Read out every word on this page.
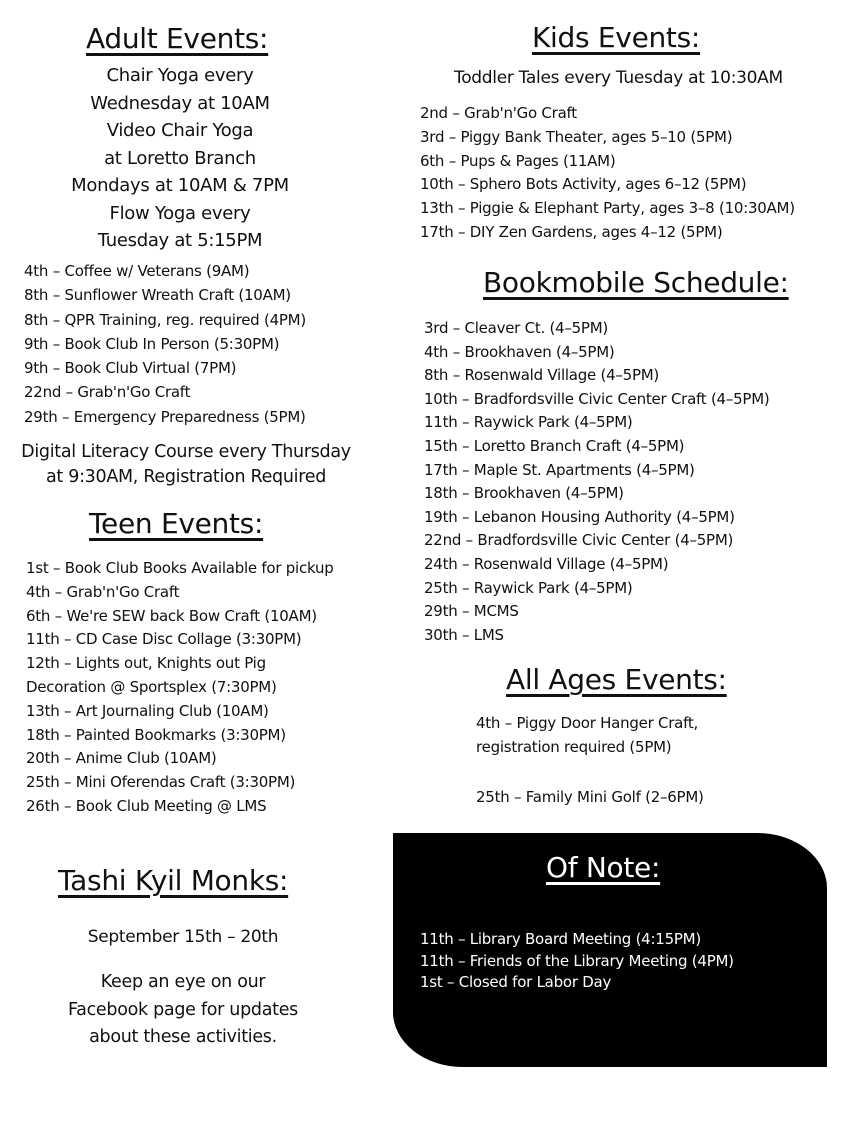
Adult Events:
Chair Yoga every
Wednesday at 10AM
Video Chair Yoga
at Loretto Branch
Mondays at 10AM & 7PM
Flow Yoga every
Tuesday at 5:15PM
4th – Coffee w/ Veterans (9AM)
8th – Sunflower Wreath Craft (10AM)
8th – QPR Training, reg. required (4PM)
9th – Book Club In Person (5:30PM)
9th – Book Club Virtual (7PM)
22nd – Grab'n'Go Craft
29th – Emergency Preparedness (5PM)
Digital Literacy Course every Thursday
at 9:30AM, Registration Required
Teen Events:
1st – Book Club Books Available for pickup
4th – Grab'n'Go Craft
6th – We're SEW back Bow Craft (10AM)
11th – CD Case Disc Collage (3:30PM)
12th – Lights out, Knights out Pig
Decoration @ Sportsplex (7:30PM)
13th – Art Journaling Club (10AM)
18th – Painted Bookmarks (3:30PM)
20th – Anime Club (10AM)
25th – Mini Oferendas Craft (3:30PM)
26th – Book Club Meeting @ LMS
Tashi Kyil Monks:
September 15th – 20th
Keep an eye on our
Facebook page for updates
about these activities.
Kids Events:
Toddler Tales every Tuesday at 10:30AM
2nd – Grab'n'Go Craft
3rd – Piggy Bank Theater, ages 5–10 (5PM)
6th – Pups & Pages (11AM)
10th – Sphero Bots Activity, ages 6–12 (5PM)
13th – Piggie & Elephant Party, ages 3–8 (10:30AM)
17th – DIY Zen Gardens, ages 4–12 (5PM)
Bookmobile Schedule:
3rd – Cleaver Ct. (4–5PM)
4th – Brookhaven (4–5PM)
8th – Rosenwald Village (4–5PM)
10th – Bradfordsville Civic Center Craft (4–5PM)
11th – Raywick Park (4–5PM)
15th – Loretto Branch Craft (4–5PM)
17th – Maple St. Apartments (4–5PM)
18th – Brookhaven (4–5PM)
19th – Lebanon Housing Authority (4–5PM)
22nd – Bradfordsville Civic Center (4–5PM)
24th – Rosenwald Village (4–5PM)
25th – Raywick Park (4–5PM)
29th – MCMS
30th – LMS
All Ages Events:
4th – Piggy Door Hanger Craft,
registration required (5PM)
25th – Family Mini Golf (2–6PM)
Of Note:
11th – Library Board Meeting (4:15PM)
11th – Friends of the Library Meeting (4PM)
1st – Closed for Labor Day
